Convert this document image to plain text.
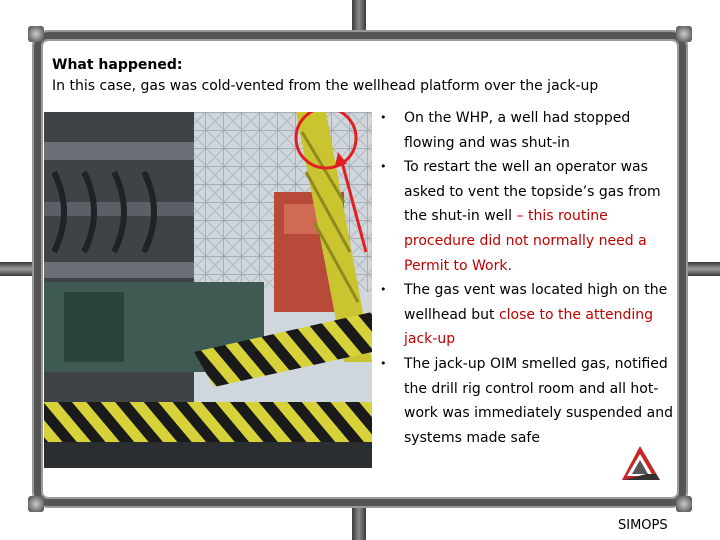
What happened:
In this case, gas was cold-vented from the wellhead platform over the jack-up
•	On the WHP, a well had stopped flowing and was shut-in
•	To restart the well an operator was asked to vent the topside’s gas from the shut-in well – this routine procedure did not normally need a Permit to Work.
•	The gas vent was located high on the wellhead but close to the attending jack-up
•	The jack-up OIM smelled gas, notified the drill rig control room and all hot-work was immediately suspended and systems made safe
SIMOPS
